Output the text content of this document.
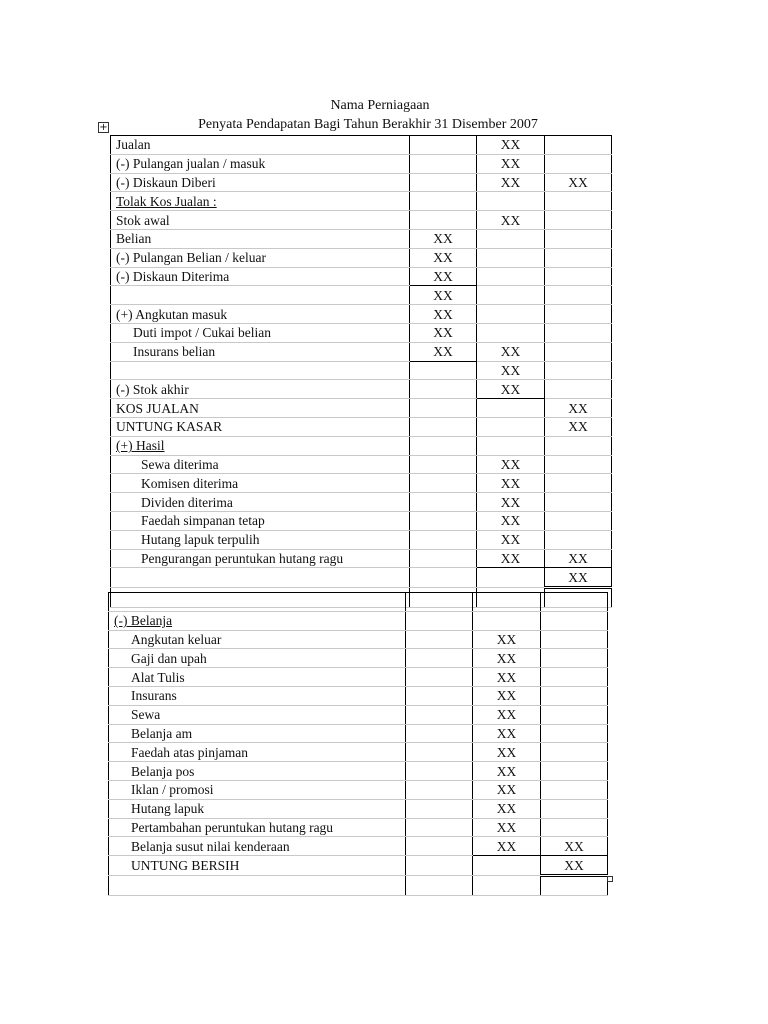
Nama Perniagaan
Penyata Pendapatan Bagi Tahun Berakhir 31 Disember 2007
+
Jualan		XX	
(-) Pulangan jualan / masuk		XX	
(-) Diskaun Diberi		XX	XX
Tolak Kos Jualan :			
Stok awal		XX	
Belian	XX		
(-) Pulangan Belian / keluar	XX		
(-) Diskaun Diterima	XX		
	XX		
(+) Angkutan masuk	XX		
Duti impot / Cukai belian	XX		
Insurans belian	XX	XX	
		XX	
(-) Stok akhir		XX	
KOS JUALAN			XX
UNTUNG KASAR			XX
(+) Hasil			
Sewa diterima		XX	
Komisen diterima		XX	
Dividen diterima		XX	
Faedah simpanan tetap		XX	
Hutang lapuk terpulih		XX	
Pengurangan peruntukan hutang ragu		XX	XX
			XX

(-) Belanja			
Angkutan keluar		XX	
Gaji dan upah		XX	
Alat Tulis		XX	
Insurans		XX	
Sewa		XX	
Belanja am		XX	
Faedah atas pinjaman		XX	
Belanja pos		XX	
Iklan / promosi		XX	
Hutang lapuk		XX	
Pertambahan peruntukan hutang ragu		XX	
Belanja susut nilai kenderaan		XX	XX
UNTUNG BERSIH			XX
